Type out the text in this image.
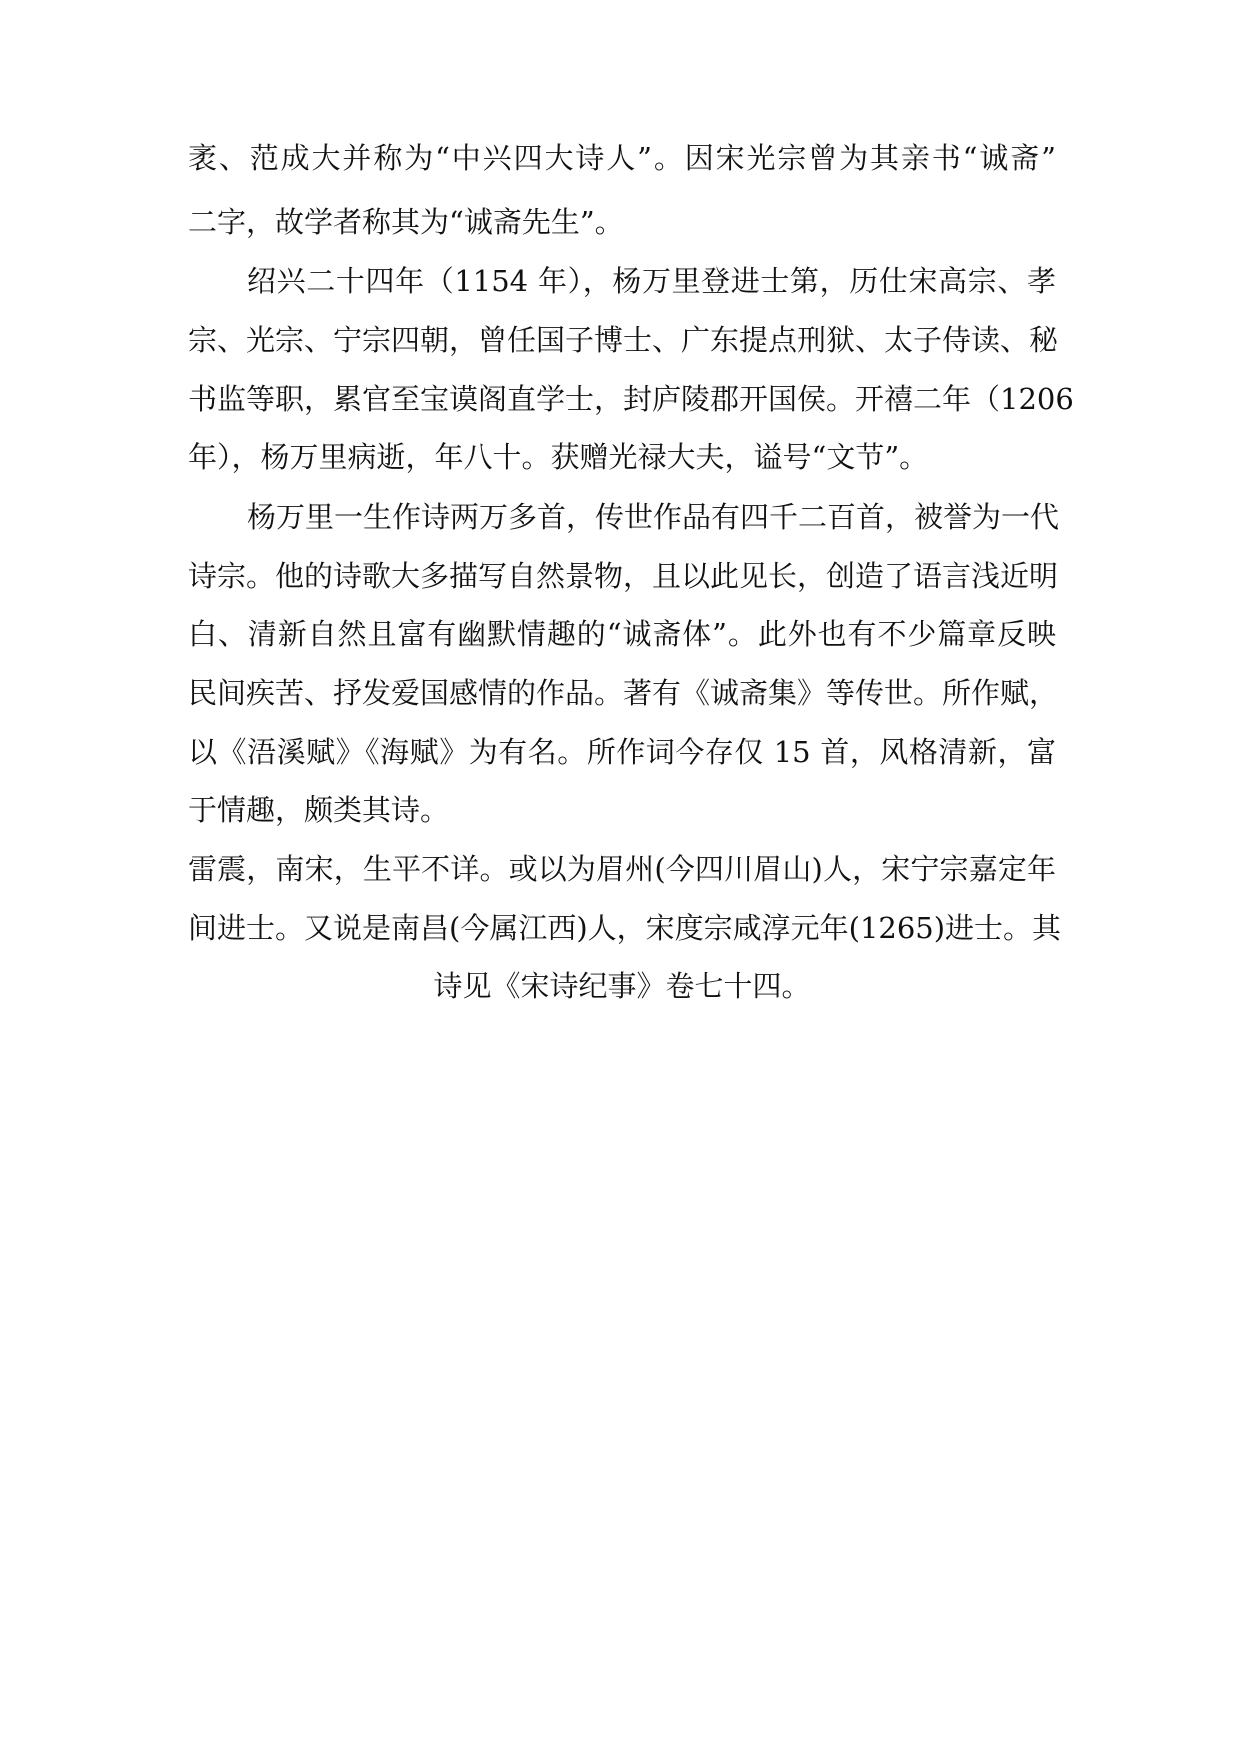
袤、范成大并称为“中兴四大诗人”。因宋光宗曾为其亲书“诚斋”
二字，故学者称其为“诚斋先生”。
绍兴二十四年（1154 年），杨万里登进士第，历仕宋高宗、孝
宗、光宗、宁宗四朝，曾任国子博士、广东提点刑狱、太子侍读、秘
书监等职，累官至宝谟阁直学士，封庐陵郡开国侯。开禧二年（1206
年），杨万里病逝，年八十。获赠光禄大夫，谥号“文节”。
杨万里一生作诗两万多首，传世作品有四千二百首，被誉为一代
诗宗。他的诗歌大多描写自然景物，且以此见长，创造了语言浅近明
白、清新自然且富有幽默情趣的“诚斋体”。此外也有不少篇章反映
民间疾苦、抒发爱国感情的作品。著有《诚斋集》等传世。所作赋，
以《浯溪赋》《海赋》为有名。所作词今存仅 15 首，风格清新，富
于情趣，颇类其诗。
雷震，南宋，生平不详。或以为眉州(今四川眉山)人，宋宁宗嘉定年
间进士。又说是南昌(今属江西)人，宋度宗咸淳元年(1265)进士。其
诗见《宋诗纪事》卷七十四。
